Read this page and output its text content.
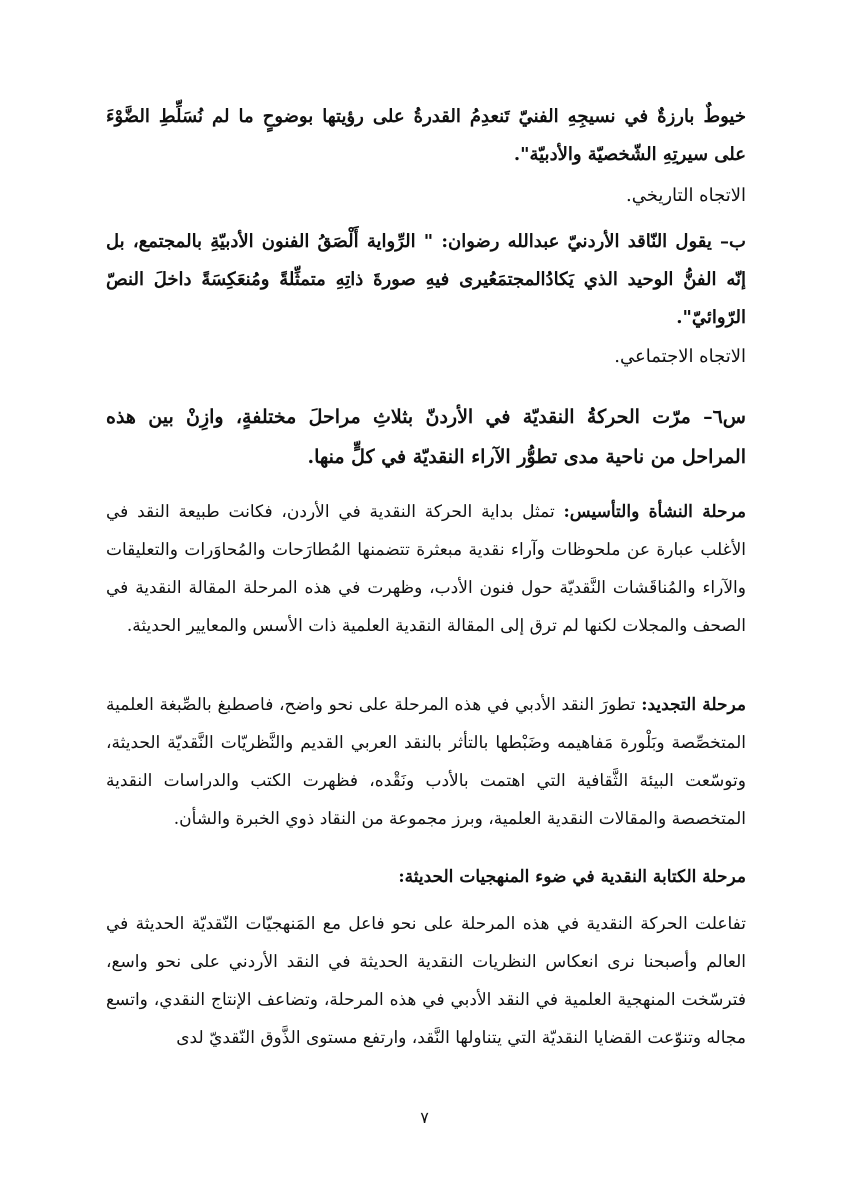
خيوطٌ بارزةٌ في نسيجِهِ الفنيّ تَنعدِمُ القدرةُ على رؤيتها بوضوحٍ ما لم نُسَلِّطِ الضَّوْءَ على سيرتِهِ الشّخصيّة والأدبيّة".
الاتجاه التاريخي.
ب– يقول النّاقد الأردنيّ عبدالله رضوان: " الرِّواية أَلْصَقُ الفنون الأدبيّةِ بالمجتمع، بل إنّه الفنُّ الوحيد الذي يَكادُالمجتمَعُيرى فيهِ صورةَ ذاتِهِ متمثِّلةً ومُنعَكِسَةً داخلَ النصّ الرّوائيّ".
الاتجاه الاجتماعي.
س٦– مرّت الحركةُ النقديّة في الأردنّ بثلاثِ مراحلَ مختلفةٍ، وازِنْ بين هذه المراحل من ناحية مدى تطوُّر الآراء النقديّة في كلٍّ منها.
مرحلة النشأة والتأسيس: تمثل بداية الحركة النقدية في الأردن، فكانت طبيعة النقد في الأغلب عبارة عن ملحوظات وآراء نقدية مبعثرة تتضمنها المُطارَحات والمُحاوَرات والتعليقات والآراء والمُناقَشات النَّقديّة حول فنون الأدب، وظهرت في هذه المرحلة المقالة النقدية في الصحف والمجلات لكنها لم ترق إلى المقالة النقدية العلمية ذات الأسس والمعايير الحديثة.
مرحلة التجديد: تطورَ النقد الأدبي في هذه المرحلة على نحو واضح، فاصطبغ بالصِّبغة العلمية المتخصِّصة وبَلْورة مَفاهيمه وضَبْطها بالتأثر بالنقد العربي القديم والنَّظريّات النَّقديّة الحديثة، وتوسّعت البيئة الثَّقافية التي اهتمت بالأدب ونَقْده، فظهرت الكتب والدراسات النقدية المتخصصة والمقالات النقدية العلمية، وبرز مجموعة من النقاد ذوي الخبرة والشأن.
مرحلة الكتابة النقدية في ضوء المنهجيات الحديثة:
تفاعلت الحركة النقدية في هذه المرحلة على نحو فاعل مع المَنهجيّات النّقديّة الحديثة في العالم وأصبحنا نرى انعكاس النظريات النقدية الحديثة في النقد الأردني على نحو واسع، فترسّخت المنهجية العلمية في النقد الأدبي في هذه المرحلة، وتضاعف الإنتاج النقدي، واتسع مجاله وتنوّعت القضايا النقديّة التي يتناولها النَّقد، وارتفع مستوى الذَّوق النّقديّ لدى
٧
